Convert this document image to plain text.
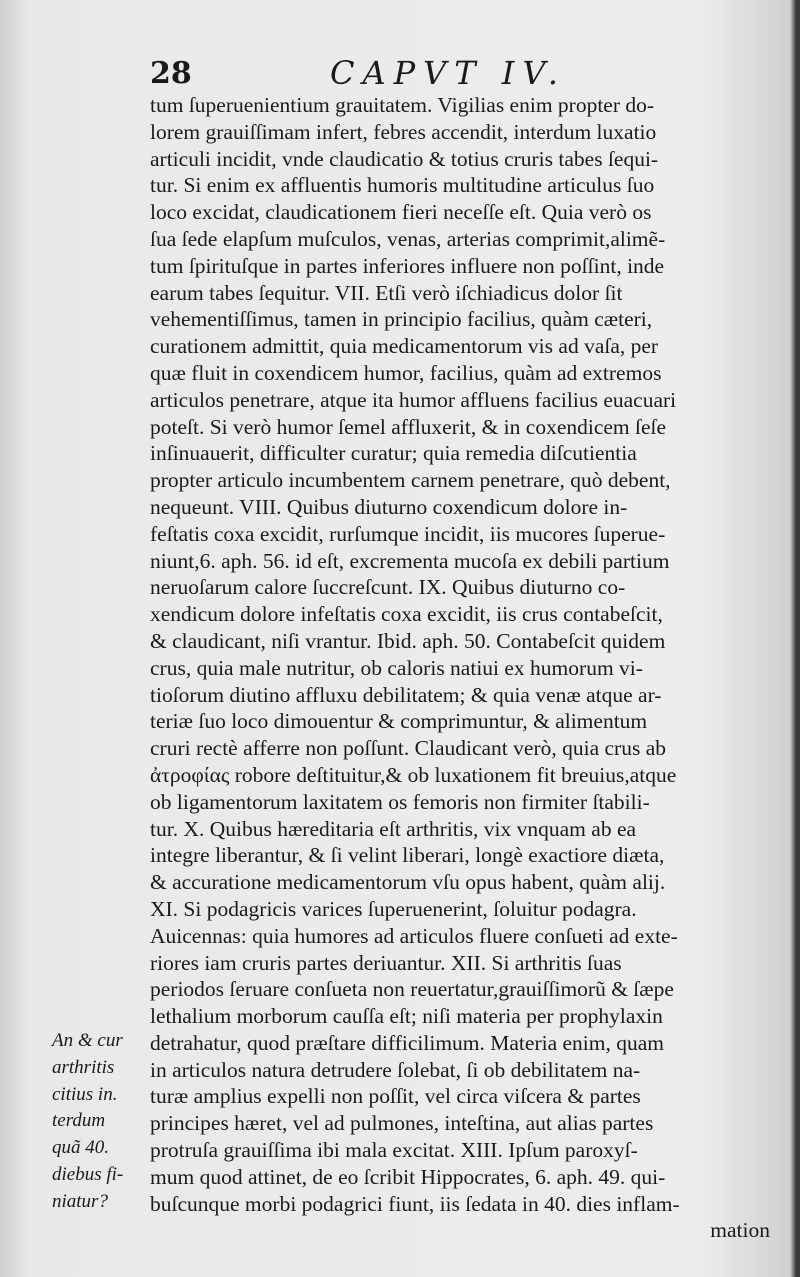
28	CAPVT IV.
tum ſuperuenientium grauitatem. Vigilias enim propter do-
lorem grauiſſimam infert, febres accendit, interdum luxatio
articuli incidit, vnde claudicatio & totius cruris tabes ſequi-
tur. Si enim ex affluentis humoris multitudine articulus ſuo
loco excidat, claudicationem fieri neceſſe eſt. Quia verò os
ſua ſede elapſum muſculos, venas, arterias comprimit,alimẽ-
tum ſpirituſque in partes inferiores influere non poſſint, inde
earum tabes ſequitur. VII. Etſi verò iſchiadicus dolor ſit
vehementiſſimus, tamen in principio facilius, quàm cæteri,
curationem admittit, quia medicamentorum vis ad vaſa, per
quæ fluit in coxendicem humor, facilius, quàm ad extremos
articulos penetrare, atque ita humor affluens facilius euacuari
poteſt. Si verò humor ſemel affluxerit, & in coxendicem ſeſe
inſinuauerit, difficulter curatur; quia remedia diſcutientia
propter articulo incumbentem carnem penetrare, quò debent,
nequeunt. VIII. Quibus diuturno coxendicum dolore in-
feſtatis coxa excidit, rurſumque incidit, iis mucores ſuperue-
niunt,6. aph. 56. id eſt, excrementa mucoſa ex debili partium
neruoſarum calore ſuccreſcunt. IX. Quibus diuturno co-
xendicum dolore infeſtatis coxa excidit, iis crus contabeſcit,
& claudicant, niſi vrantur. Ibid. aph. 50. Contabeſcit quidem
crus, quia male nutritur, ob caloris natiui ex humorum vi-
tioſorum diutino affluxu debilitatem; & quia venæ atque ar-
teriæ ſuo loco dimouentur & comprimuntur, & alimentum
cruri rectè afferre non poſſunt. Claudicant verò, quia crus ab
ἀτροφίας robore deſtituitur,& ob luxationem fit breuius,atque
ob ligamentorum laxitatem os femoris non firmiter ſtabili-
tur. X. Quibus hæreditaria eſt arthritis, vix vnquam ab ea
integre liberantur, & ſi velint liberari, longè exactiore diæta,
& accuratione medicamentorum vſu opus habent, quàm alij.
XI. Si podagricis varices ſuperuenerint, ſoluitur podagra.
Auicennas: quia humores ad articulos fluere conſueti ad exte-
riores iam cruris partes deriuantur. XII. Si arthritis ſuas
periodos ſeruare conſueta non reuertatur,grauiſſimorũ & ſæpe
lethalium morborum cauſſa eſt; niſi materia per prophylaxin
detrahatur, quod præſtare difficilimum. Materia enim, quam
in articulos natura detrudere ſolebat, ſi ob debilitatem na-
turæ amplius expelli non poſſit, vel circa viſcera & partes
principes hæret, vel ad pulmones, inteſtina, aut alias partes
protruſa grauiſſima ibi mala excitat. XIII. Ipſum paroxyſ-
mum quod attinet, de eo ſcribit Hippocrates, 6. aph. 49. qui-
buſcunque morbi podagrici fiunt, iis ſedata in 40. dies inflam-
mation
An & cur
arthritis
citius in.
terdum
quã 40.
diebus fi-
niatur?
